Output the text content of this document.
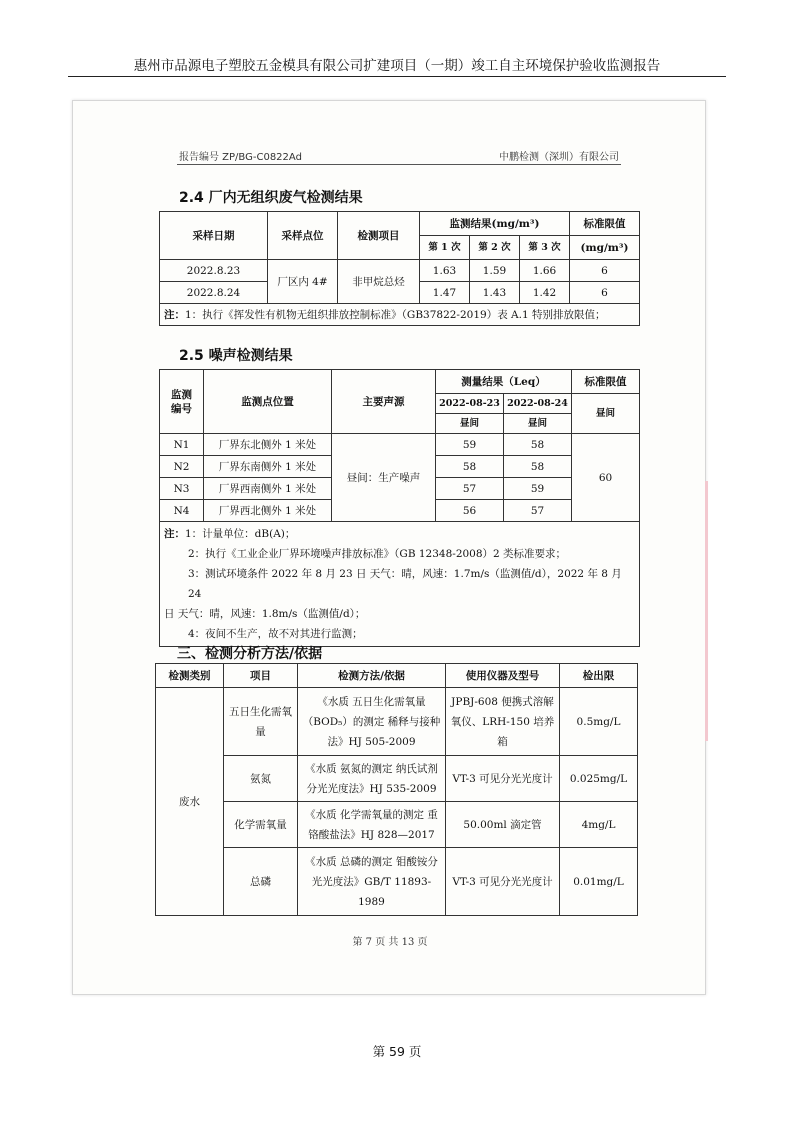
惠州市品源电子塑胶五金模具有限公司扩建项目（一期）竣工自主环境保护验收监测报告
报告编号 ZP/BG-C0822Ad	中鹏检测（深圳）有限公司
2.4 厂内无组织废气检测结果
采样日期	采样点位	检测项目	监测结果(mg/m³)			标准限值
			第 1 次	第 2 次	第 3 次	(mg/m³)
2022.8.23	厂区内 4#	非甲烷总烃	1.63	1.59	1.66	6
2022.8.24			1.47	1.43	1.42	6
注：1：执行《挥发性有机物无组织排放控制标准》（GB37822-2019）表 A.1 特别排放限值；						
2.5 噪声检测结果
监测
编号	监测点位置	主要声源	测量结果（Leq）		标准限值
			2022-08-23	2022-08-24	昼间
			昼间	昼间	
N1	厂界东北侧外 1 米处	昼间：生产噪声	59	58	60
N2	厂界东南侧外 1 米处		58	58	
N3	厂界西南侧外 1 米处		57	59	
N4	厂界西北侧外 1 米处		56	57	

注：1：计量单位：dB(A)；
2：执行《工业企业厂界环境噪声排放标准》（GB 12348-2008）2 类标准要求；
3：测试环境条件 2022 年 8 月 23 日 天气：晴，风速：1.7m/s（监测值/d），2022 年 8 月 24
日 天气：晴，风速：1.8m/s（监测值/d）；
4：夜间不生产，故不对其进行监测；					
三、检测分析方法/依据
检测类别	项目	检测方法/依据	使用仪器及型号	检出限
废水	五日生化需氧量	《水质 五日生化需氧量（BOD₅）的测定 稀释与接种法》HJ 505-2009	JPBJ-608 便携式溶解氧仪、LRH-150 培养箱	0.5mg/L
	氨氮	《水质 氨氮的测定 纳氏试剂分光光度法》HJ 535-2009	VT-3 可见分光光度计	0.025mg/L
	化学需氧量	《水质 化学需氧量的测定 重铬酸盐法》HJ 828—2017	50.00ml 滴定管	4mg/L
	总磷	《水质 总磷的测定 钼酸铵分光光度法》GB/T 11893-1989	VT-3 可见分光光度计	0.01mg/L
第 7 页 共 13 页
第 59 页
